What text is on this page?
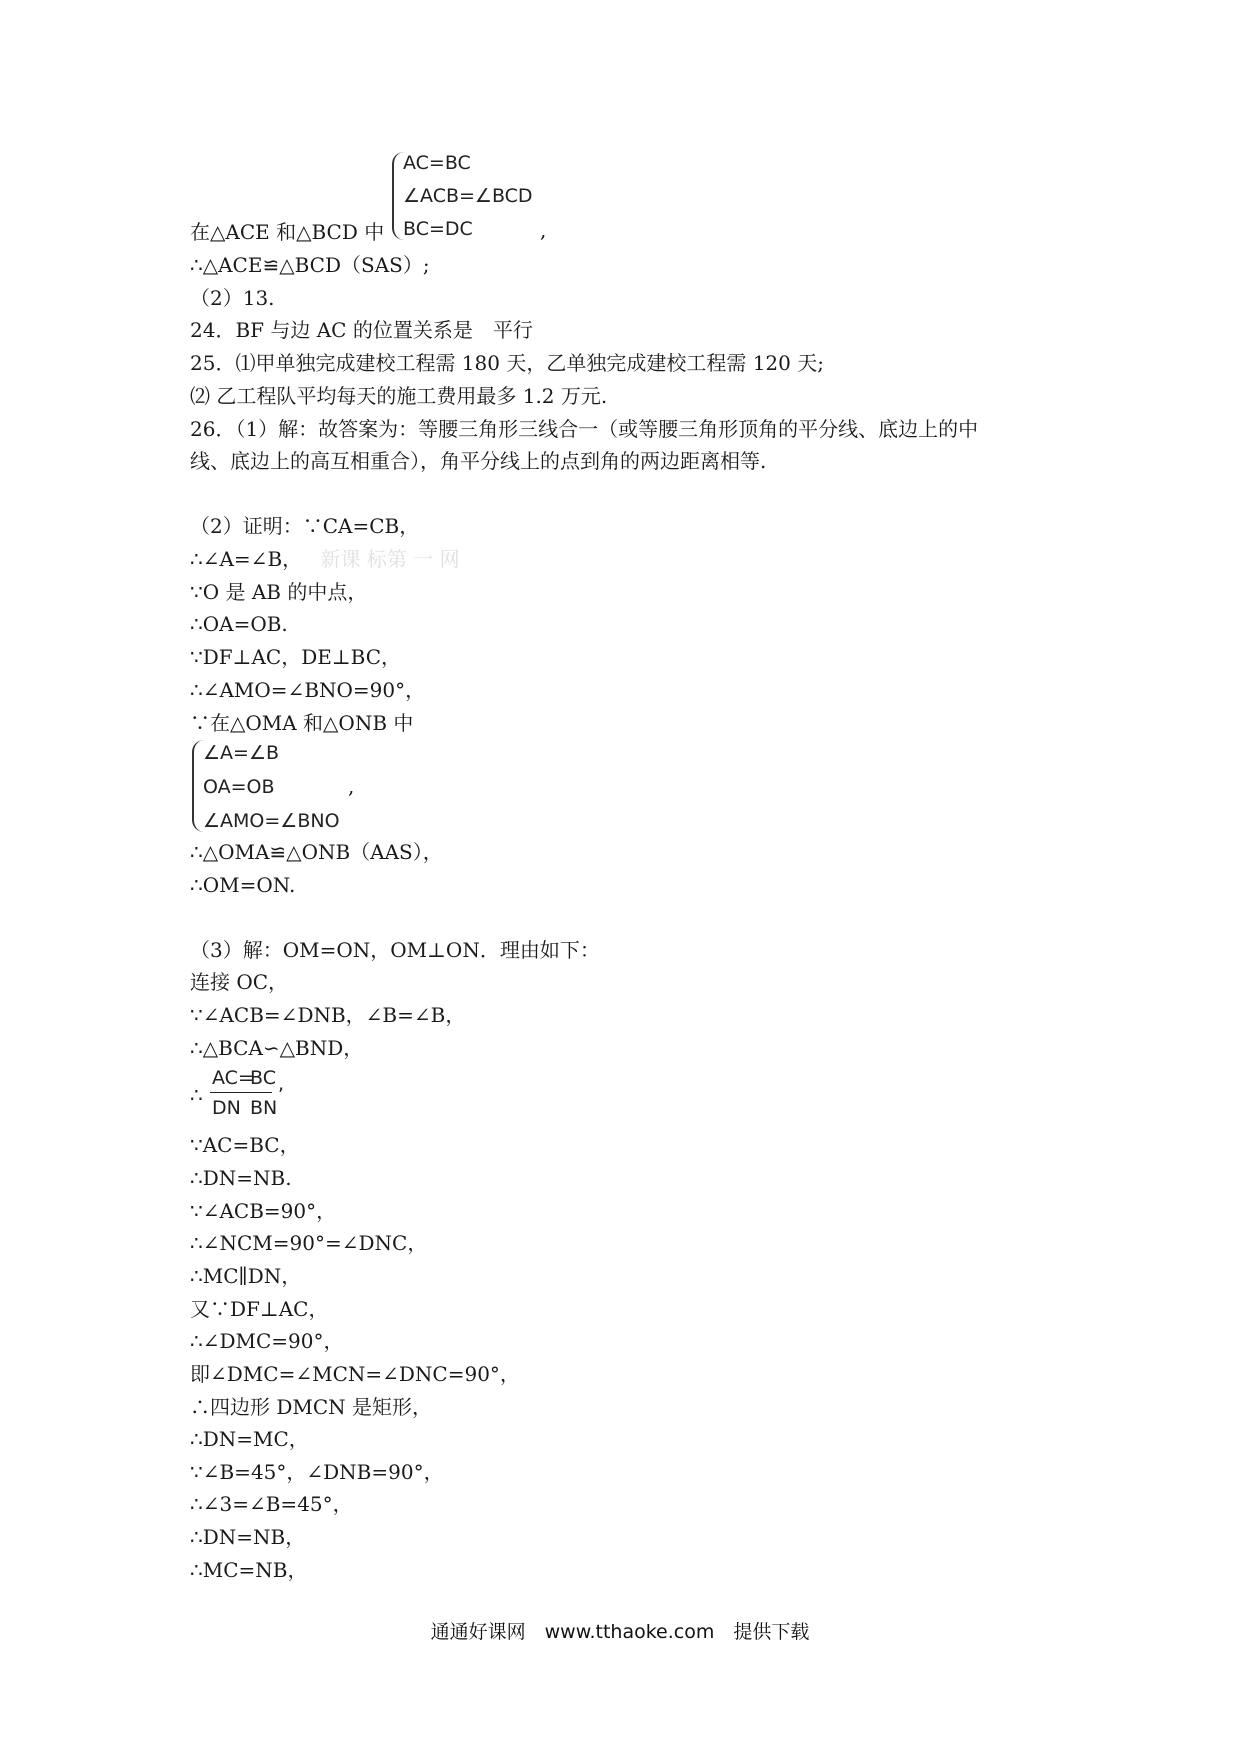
AC=BC
∠ACB=∠BCD
BC=DC
在△ACE 和△BCD 中	,
∴△ACE≌△BCD（SAS）;
（2）13.
24．BF 与边 AC 的位置关系是　平行
25．⑴甲单独完成建校工程需 180 天，乙单独完成建校工程需 120 天;
⑵ 乙工程队平均每天的施工费用最多 1.2 万元.
26．（1）解：故答案为：等腰三角形三线合一（或等腰三角形顶角的平分线、底边上的中
线、底边上的高互相重合），角平分线上的点到角的两边距离相等.
（2）证明：∵CA=CB，
∴∠A=∠B， 新课 标第 一 网
∵O 是 AB 的中点，
∴OA=OB.
∵DF⊥AC，DE⊥BC，
∴∠AMO=∠BNO=90°，
∵在△OMA 和△ONB 中
∠A=∠B
OA=OB
∠AMO=∠BNO
,
∴△OMA≌△ONB（AAS），
∴OM=ON.
（3）解：OM=ON，OM⊥ON．理由如下：
连接 OC，
∵∠ACB=∠DNB，∠B=∠B，
∴△BCA∽△BND，
∴
AC =
BC
DN BN
,
∵AC=BC，
∴DN=NB.
∵∠ACB=90°，
∴∠NCM=90°=∠DNC，
∴MC∥DN，
又∵DF⊥AC，
∴∠DMC=90°，
即∠DMC=∠MCN=∠DNC=90°，
∴四边形 DMCN 是矩形，
∴DN=MC，
∵∠B=45°，∠DNB=90°，
∴∠3=∠B=45°，
∴DN=NB，
∴MC=NB，
通通好课网　www.tthaoke.com　提供下载
